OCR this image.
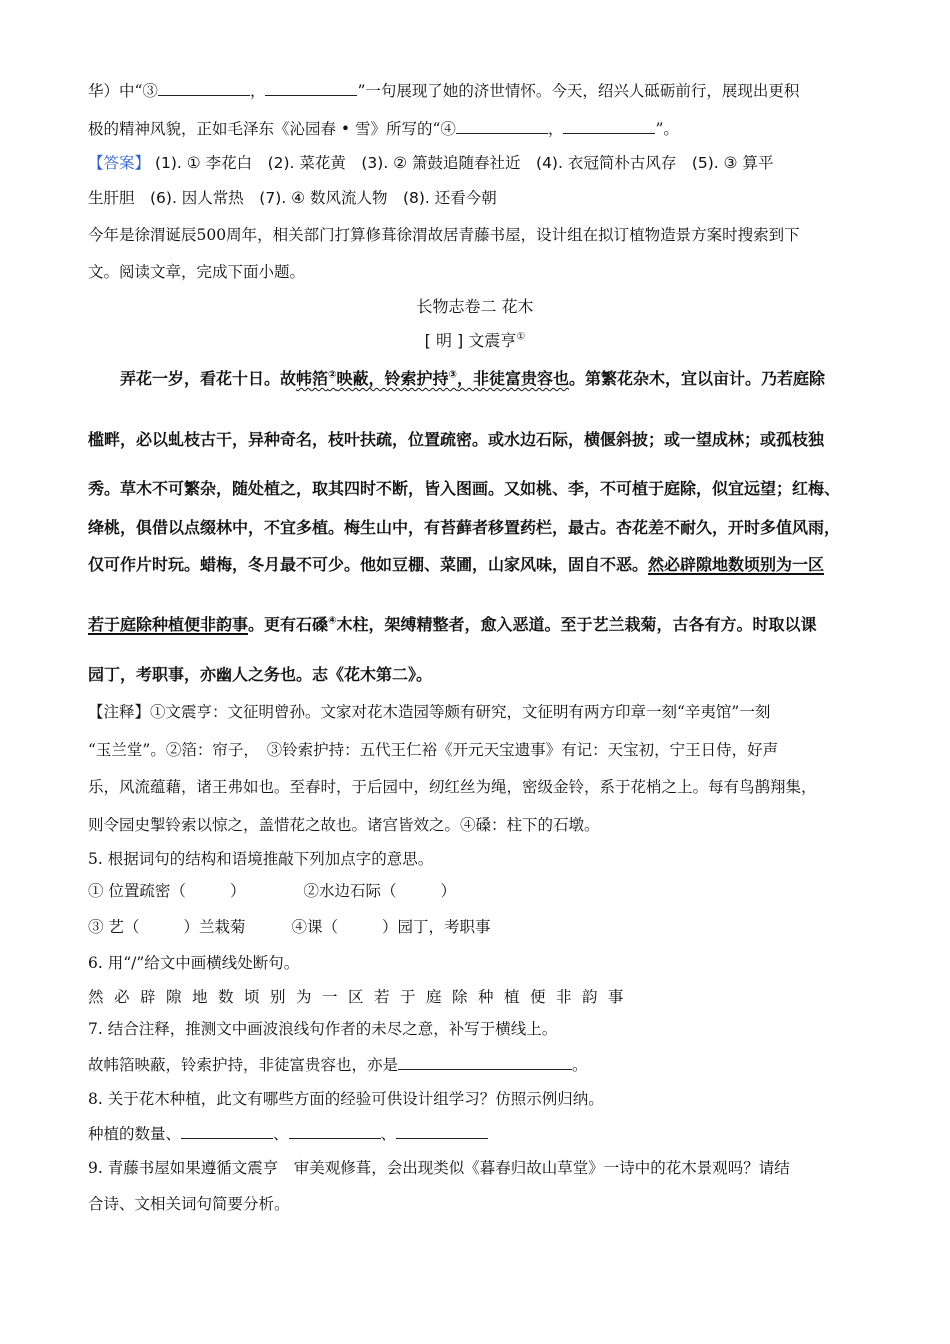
华）中“③	，	”一句展现了她的济世情怀。今天，绍兴人砥砺前行，展现出更积
极的精神风貌，正如毛泽东《沁园春 • 雪》所写的“④	，	”。
【答案】 (1). ① 李花白　(2). 菜花黄　(3). ② 箫鼓追随春社近　(4). 衣冠简朴古风存　(5). ③ 算平
生肝胆　(6). 因人常热　(7). ④ 数风流人物　(8). 还看今朝
今年是徐渭诞辰500周年，相关部门打算修葺徐渭故居青藤书屋，设计组在拟订植物造景方案时搜索到下
文。阅读文章，完成下面小题。
长物志卷二 花木
[ 明 ] 文震亨①
弄花一岁，看花十日。故帏箔②映蔽，铃索护持③，非徒富贵容也。第繁花杂木，宜以亩计。乃若庭除
槛畔，必以虬枝古干，异种奇名，枝叶扶疏，位置疏密。或水边石际，横偃斜披；或一望成林；或孤枝独
秀。草木不可繁杂，随处植之，取其四时不断，皆入图画。又如桃、李，不可植于庭除，似宜远望；红梅、
绛桃，俱借以点缀林中，不宜多植。梅生山中，有苔藓者移置药栏，最古。杏花差不耐久，开时多值风雨，
仅可作片时玩。蜡梅，冬月最不可少。他如豆棚、菜圃，山家风味，固自不恶。然必辟隙地数顷别为一区
若于庭除种植便非韵事。更有石磉④木柱，架缚精整者，愈入恶道。至于艺兰栽菊，古各有方。时取以课
园丁，考职事，亦幽人之务也。志《花木第二》。
【注释】①文震亨：文征明曾孙。文家对花木造园等颇有研究，文征明有两方印章一刻“辛夷馆”一刻
“玉兰堂”。②箔：帘子，　③铃索护持：五代王仁裕《开元天宝遗事》有记：天宝初，宁王日侍，好声
乐，风流蕴藉，诸王弗如也。至春时，于后园中，纫红丝为绳，密级金铃，系于花梢之上。每有鸟鹊翔集，
则令园史掣铃索以惊之，盖惜花之故也。诸宫皆效之。④磉：柱下的石墩。
5. 根据词句的结构和语境推敲下列加点字的意思。
① 位置疏密（	）	②水边石际（	）
③ 艺（	）兰栽菊	④课（	）园丁，考职事
6. 用“/”给文中画横线处断句。
然必辟隙地数顷别为一区若于庭除种植便非韵事
7. 结合注释，推测文中画波浪线句作者的未尽之意，补写于横线上。
故帏箔映蔽，铃索护持，非徒富贵容也，亦是	。
8. 关于花木种植，此文有哪些方面的经验可供设计组学习？仿照示例归纳。
种植的数量、	、	、
9. 青藤书屋如果遵循文震亨　审美观修葺，会出现类似《暮春归故山草堂》一诗中的花木景观吗？请结
合诗、文相关词句简要分析。
